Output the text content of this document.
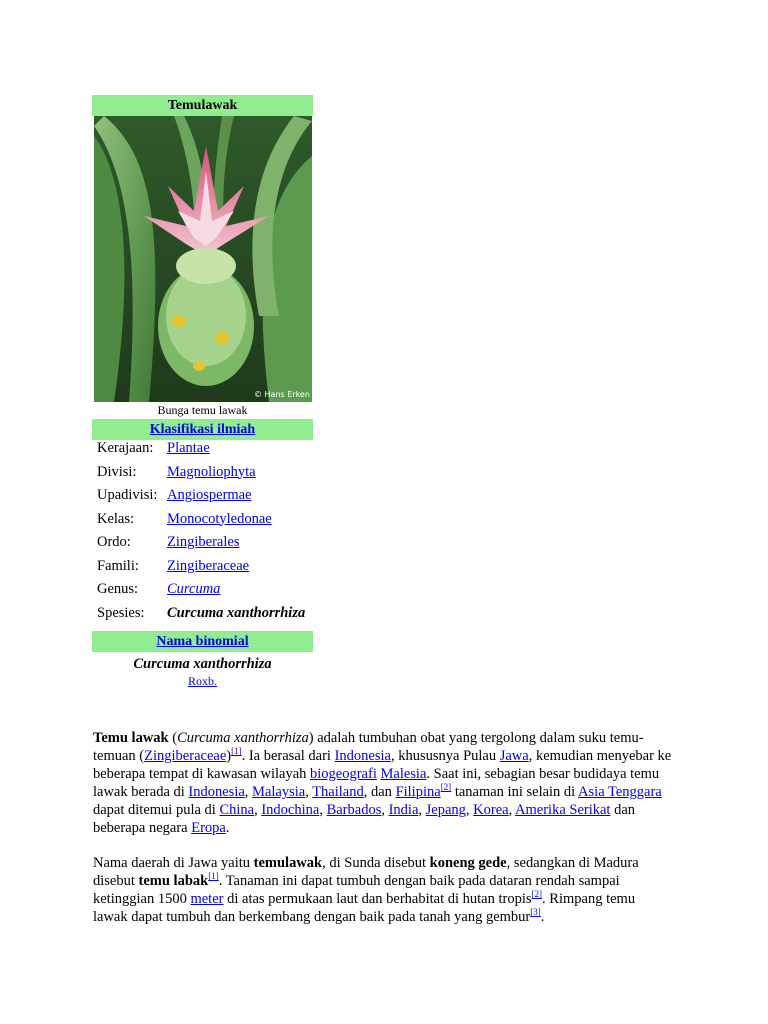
Temulawak
© Hans Erken
Bunga temu lawak
Klasifikasi ilmiah
Kerajaan:	Plantae
Divisi:	Magnoliophyta
Upadivisi:	Angiospermae
Kelas:	Monocotyledonae
Ordo:	Zingiberales
Famili:	Zingiberaceae
Genus:	Curcuma
Spesies:	Curcuma xanthorrhiza
Nama binomial
Curcuma xanthorrhiza
Roxb.

Temu lawak (Curcuma xanthorrhiza) adalah tumbuhan obat yang tergolong dalam suku temu-temuan (Zingiberaceae)[1]. Ia berasal dari Indonesia, khususnya Pulau Jawa, kemudian menyebar ke beberapa tempat di kawasan wilayah biogeografi Malesia. Saat ini, sebagian besar budidaya temu lawak berada di Indonesia, Malaysia, Thailand, dan Filipina[2] tanaman ini selain di Asia Tenggara dapat ditemui pula di China, Indochina, Barbados, India, Jepang, Korea, Amerika Serikat dan beberapa negara Eropa.

Nama daerah di Jawa yaitu temulawak, di Sunda disebut koneng gede, sedangkan di Madura disebut temu labak[1]. Tanaman ini dapat tumbuh dengan baik pada dataran rendah sampai ketinggian 1500 meter di atas permukaan laut dan berhabitat di hutan tropis[2]. Rimpang temu lawak dapat tumbuh dan berkembang dengan baik pada tanah yang gembur[3].
